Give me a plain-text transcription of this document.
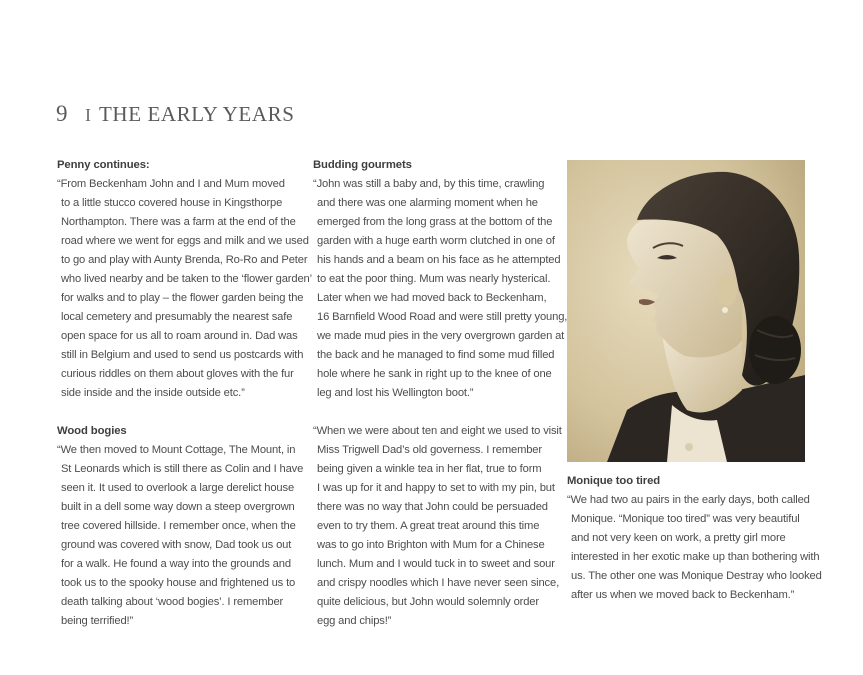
9 I THE EARLY YEARS

Penny continues:

“From Beckenham John and I and Mum moved
to a little stucco covered house in Kingsthorpe
Northampton. There was a farm at the end of the
road where we went for eggs and milk and we used
to go and play with Aunty Brenda, Ro-Ro and Peter
who lived nearby and be taken to the ‘flower garden’
for walks and to play – the flower garden being the
local cemetery and presumably the nearest safe
open space for us all to roam around in. Dad was
still in Belgium and used to send us postcards with
curious riddles on them about gloves with the fur
side inside and the inside outside etc.”

Wood bogies

“We then moved to Mount Cottage, The Mount, in
St Leonards which is still there as Colin and I have
seen it. It used to overlook a large derelict house
built in a dell some way down a steep overgrown
tree covered hillside. I remember once, when the
ground was covered with snow, Dad took us out
for a walk. He found a way into the grounds and
took us to the spooky house and frightened us to
death talking about ‘wood bogies’. I remember
being terrified!”

Budding gourmets

“John was still a baby and, by this time, crawling
and there was one alarming moment when he
emerged from the long grass at the bottom of the
garden with a huge earth worm clutched in one of
his hands and a beam on his face as he attempted
to eat the poor thing. Mum was nearly hysterical.
Later when we had moved back to Beckenham,
16 Barnfield Wood Road and were still pretty young,
we made mud pies in the very overgrown garden at
the back and he managed to find some mud filled
hole where he sank in right up to the knee of one
leg and lost his Wellington boot.”
“When we were about ten and eight we used to visit
Miss Trigwell Dad’s old governess. I remember
being given a winkle tea in her flat, true to form
I was up for it and happy to set to with my pin, but
there was no way that John could be persuaded
even to try them. A great treat around this time
was to go into Brighton with Mum for a Chinese
lunch. Mum and I would tuck in to sweet and sour
and crispy noodles which I have never seen since,
quite delicious, but John would solemnly order
egg and chips!”

Monique too tired

“We had two au pairs in the early days, both called
Monique. “Monique too tired” was very beautiful
and not very keen on work, a pretty girl more
interested in her exotic make up than bothering with
us. The other one was Monique Destray who looked
after us when we moved back to Beckenham.”
